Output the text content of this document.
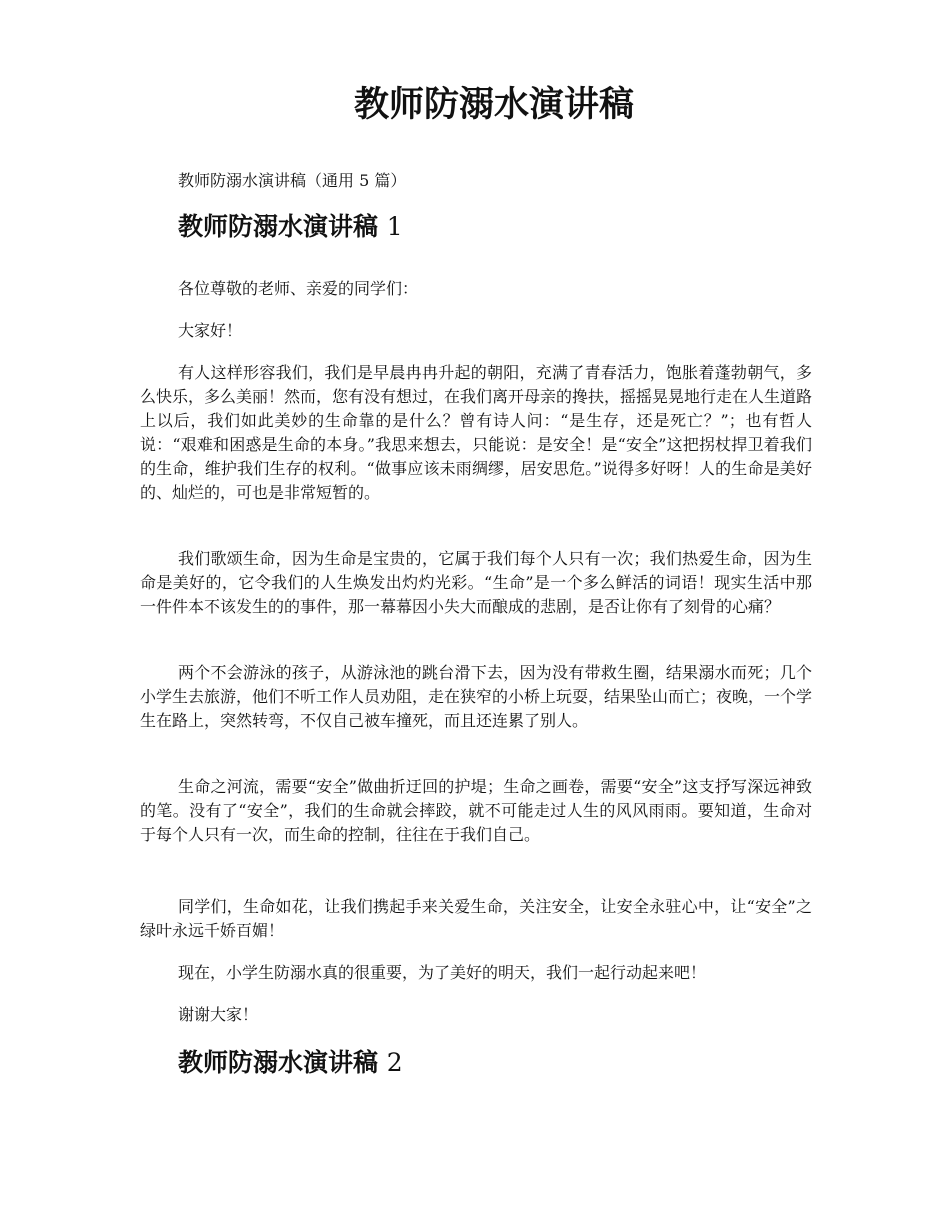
教师防溺水演讲稿

教师防溺水演讲稿（通用 5 篇）

教师防溺水演讲稿 1

各位尊敬的老师、亲爱的同学们：

大家好！

有人这样形容我们，我们是早晨冉冉升起的朝阳，充满了青春活力，饱胀着蓬勃朝气，多么快乐，多么美丽！然而，您有没有想过，在我们离开母亲的搀扶，摇摇晃晃地行走在人生道路上以后，我们如此美妙的生命靠的是什么？曾有诗人问：“是生存，还是死亡？”；也有哲人说：“艰难和困惑是生命的本身。”我思来想去，只能说：是安全！是“安全”这把拐杖捍卫着我们的生命，维护我们生存的权利。“做事应该未雨绸缪，居安思危。”说得多好呀！人的生命是美好的、灿烂的，可也是非常短暂的。

我们歌颂生命，因为生命是宝贵的，它属于我们每个人只有一次；我们热爱生命，因为生命是美好的，它令我们的人生焕发出灼灼光彩。“生命”是一个多么鲜活的词语！现实生活中那一件件本不该发生的的事件，那一幕幕因小失大而酿成的悲剧，是否让你有了刻骨的心痛？

两个不会游泳的孩子，从游泳池的跳台滑下去，因为没有带救生圈，结果溺水而死；几个小学生去旅游，他们不听工作人员劝阻，走在狭窄的小桥上玩耍，结果坠山而亡；夜晚，一个学生在路上，突然转弯，不仅自己被车撞死，而且还连累了别人。

生命之河流，需要“安全”做曲折迂回的护堤；生命之画卷，需要“安全”这支抒写深远神致的笔。没有了“安全”，我们的生命就会摔跤，就不可能走过人生的风风雨雨。要知道，生命对于每个人只有一次，而生命的控制，往往在于我们自己。

同学们，生命如花，让我们携起手来关爱生命，关注安全，让安全永驻心中，让“安全”之绿叶永远千娇百媚！

现在，小学生防溺水真的很重要，为了美好的明天，我们一起行动起来吧！

谢谢大家！

教师防溺水演讲稿 2
